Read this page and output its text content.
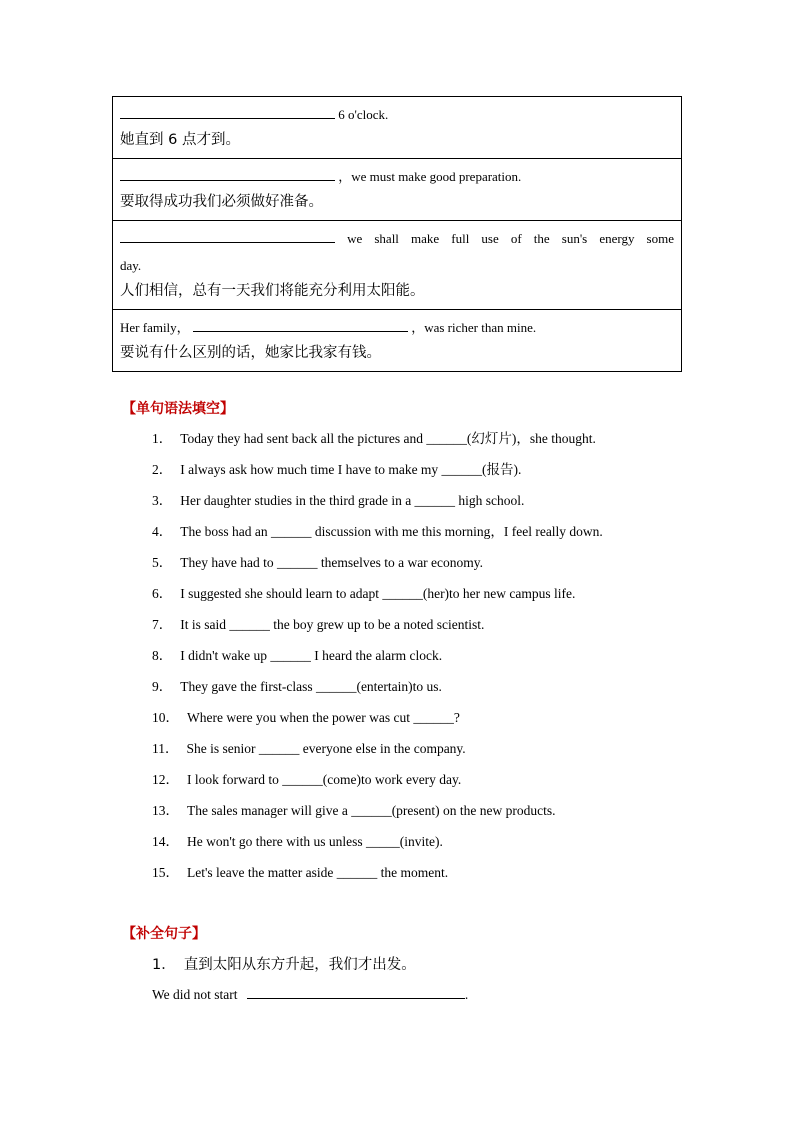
6 o'clock.
她直到 6 点才到。

，we must make good preparation.
要取得成功我们必须做好准备。

we shall make full use of the sun's energy some day.
人们相信，总有一天我们将能充分利用太阳能。

Her family，	，was richer than mine.
要说有什么区别的话，她家比我家有钱。
【单句语法填空】
1． Today they had sent back all the pictures and ______(幻灯片)，she thought.
2． I always ask how much time I have to make my ______(报告).
3． Her daughter studies in the third grade in a ______ high school.
4． The boss had an ______ discussion with me this morning，I feel really down.
5． They have had to ______ themselves to a war economy.
6． I suggested she should learn to adapt ______(her)to her new campus life.
7． It is said ______ the boy grew up to be a noted scientist.
8． I didn't wake up ______ I heard the alarm clock.
9． They gave the first-class ______(entertain)to us.
10． Where were you when the power was cut ______?
11． She is senior ______ everyone else in the company.
12． I look forward to ______(come)to work every day.
13． The sales manager will give a ______(present) on the new products.
14． He won't go there with us unless _____(invite).
15． Let's leave the matter aside ______ the moment.
【补全句子】
1． 直到太阳从东方升起，我们才出发。
We did not start	.
